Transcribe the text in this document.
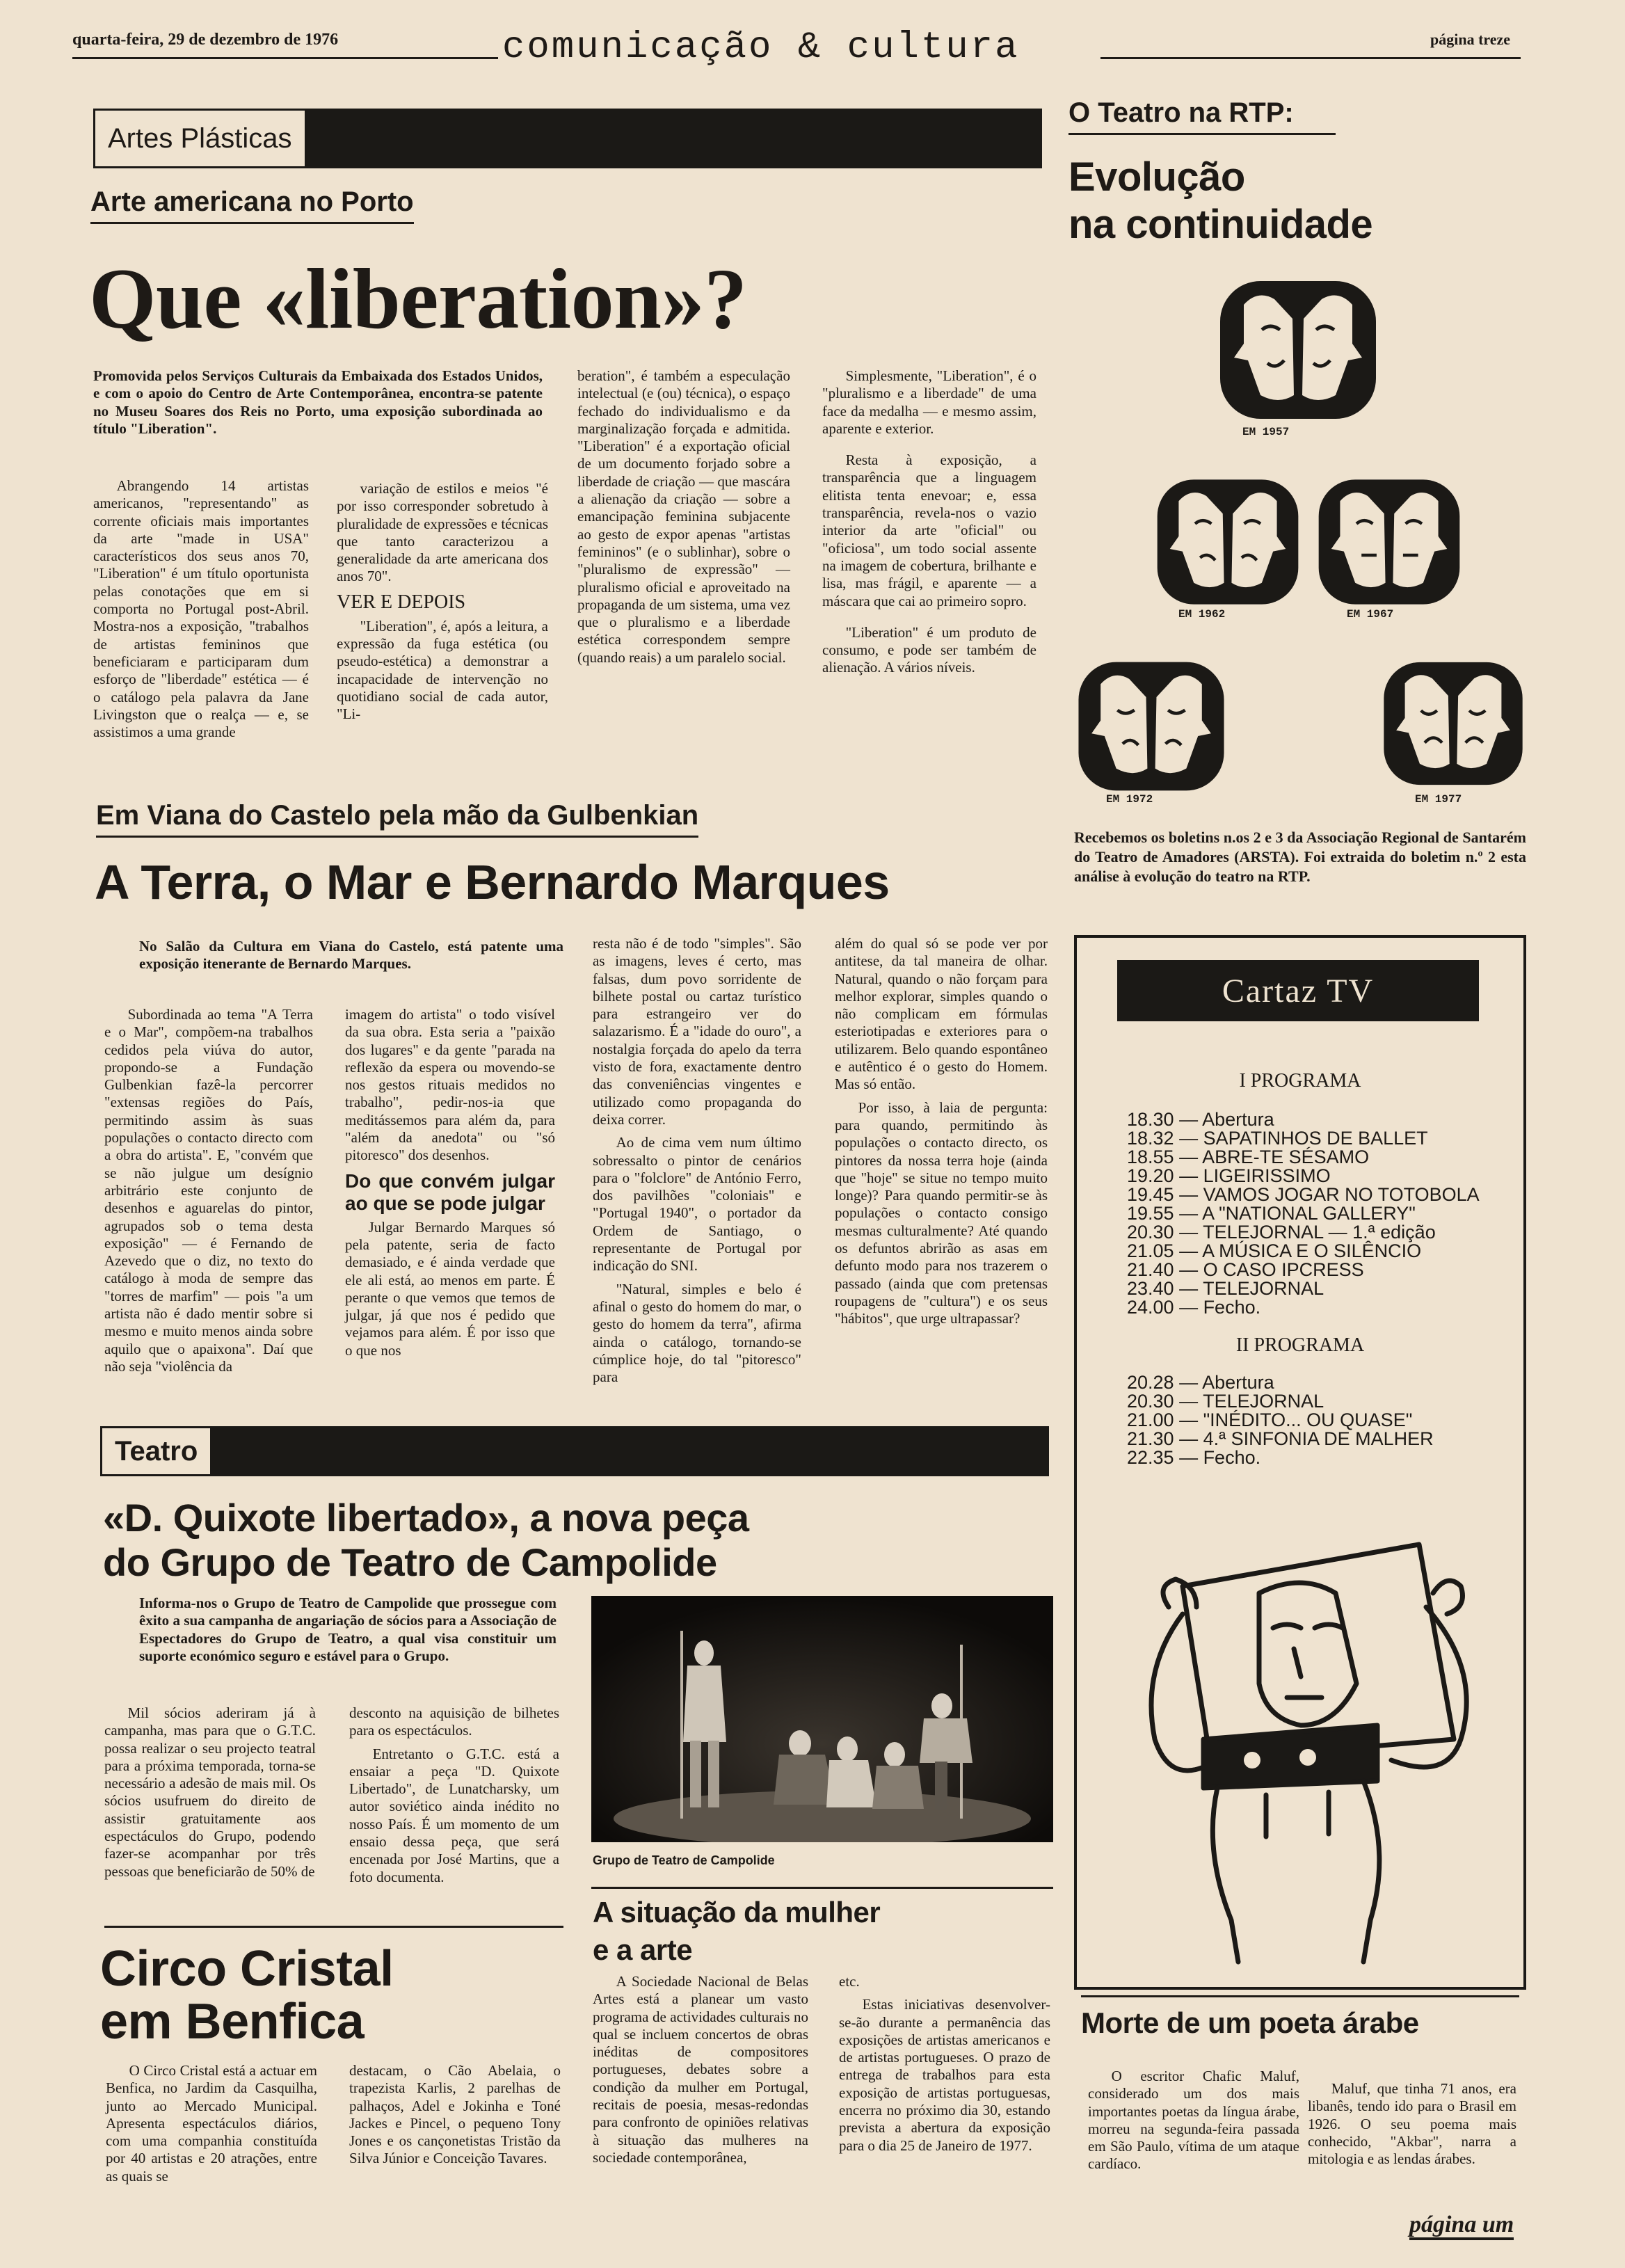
quarta-feira, 29 de dezembro de 1976	comunicação & cultura	página treze
Artes Plásticas
Arte americana no Porto
Que «liberation»?

Promovida pelos Serviços Culturais da Embaixada dos Estados Unidos, e com o apoio do Centro de Arte Contemporânea, encontra-se patente no Museu Soares dos Reis no Porto, uma exposição subordinada ao título "Liberation".

Abrangendo 14 artistas americanos, "representando" as corrente oficiais mais importantes da arte "made in USA" característicos dos seus anos 70, "Liberation" é um título oportunista pelas conotações que em si comporta no Portugal post-Abril. Mostra-nos a exposição, "trabalhos de artistas femininos que beneficiaram e participaram dum esforço de "liberdade" estética — é o catálogo pela palavra da Jane Livingston que o realça — e, se assistimos a uma grande

variação de estilos e meios "é por isso corresponder sobretudo à pluralidade de expressões e técnicas que tanto caracterizou a generalidade da arte americana dos anos 70".

VER E DEPOIS

"Liberation", é, após a leitura, a expressão da fuga estética (ou pseudo-estética) a demonstrar a incapacidade de intervenção no quotidiano social de cada autor, "Li-

beration", é também a especulação intelectual (e (ou) técnica), o espaço fechado do individualismo e da marginalização forçada e admitida. "Liberation" é a exportação oficial de um documento forjado sobre a liberdade de criação — que mascára a alienação da criação — sobre a emancipação feminina subjacente ao gesto de expor apenas "artistas femininos" (e o sublinhar), sobre o "pluralismo de expressão" — pluralismo oficial e aproveitado na propaganda de um sistema, uma vez que o pluralismo e a liberdade estética correspondem sempre (quando reais) a um paralelo social.

Simplesmente, "Liberation", é o "pluralismo e a liberdade" de uma face da medalha — e mesmo assim, aparente e exterior.

Resta à exposição, a transparência que a linguagem elitista tenta enevoar; e, essa transparência, revela-nos o vazio interior da arte "oficial" ou "oficiosa", um todo social assente na imagem de cobertura, brilhante e lisa, mas frágil, e aparente — a máscara que cai ao primeiro sopro.

"Liberation" é um produto de consumo, e pode ser também de alienação. A vários níveis.

O Teatro na RTP:
Evolução
na continuidade
EM 1957
EM 1962	EM 1967
EM 1972	EM 1977
Recebemos os boletins n.os 2 e 3 da Associação Regional de Santarém do Teatro de Amadores (ARSTA). Foi extraida do boletim n.º 2 esta análise à evolução do teatro na RTP.
Em Viana do Castelo pela mão da Gulbenkian
A Terra, o Mar e Bernardo Marques

No Salão da Cultura em Viana do Castelo, está patente uma exposição itenerante de Bernardo Marques.

Subordinada ao tema "A Terra e o Mar", compõem-na trabalhos cedidos pela viúva do autor, propondo-se a Fundação Gulbenkian fazê-la percorrer "extensas regiões do País, permitindo assim às suas populações o contacto directo com a obra do artista". E, "convém que se não julgue um desígnio arbitrário este conjunto de desenhos e aguarelas do pintor, agrupados sob o tema desta exposição" — é Fernando de Azevedo que o diz, no texto do catálogo à moda de sempre das "torres de marfim" — pois "a um artista não é dado mentir sobre si mesmo e muito menos ainda sobre aquilo que o apaixona". Daí que não seja "violência da

imagem do artista" o todo visível da sua obra. Esta seria a "paixão dos lugares" e da gente "parada na reflexão da espera ou movendo-se nos gestos rituais medidos no trabalho", pedir-nos-ia que meditássemos para além da, para "além da anedota" ou "só pitoresco" dos desenhos.

Do que convém julgar ao que se pode julgar

Julgar Bernardo Marques só pela patente, seria de facto demasiado, e é ainda verdade que ele ali está, ao menos em parte. É perante o que vemos que temos de julgar, já que nos é pedido que vejamos para além. É por isso que o que nos

resta não é de todo "simples". São as imagens, leves é certo, mas falsas, dum povo sorridente de bilhete postal ou cartaz turístico para estrangeiro ver do salazarismo. É a "idade do ouro", a nostalgia forçada do apelo da terra visto de fora, exactamente dentro das conveniências vingentes e utilizado como propaganda do deixa correr.

Ao de cima vem num último sobressalto o pintor de cenários para o "folclore" de António Ferro, dos pavilhões "coloniais" e "Portugal 1940", o portador da Ordem de Santiago, o representante de Portugal por indicação do SNI.

"Natural, simples e belo é afinal o gesto do homem do mar, o gesto do homem da terra", afirma ainda o catálogo, tornando-se cúmplice hoje, do tal "pitoresco" para

além do qual só se pode ver por antitese, da tal maneira de olhar. Natural, quando o não forçam para melhor explorar, simples quando o não complicam em fórmulas esteriotipadas e exteriores para o utilizarem. Belo quando espontâneo e autêntico é o gesto do Homem. Mas só então.

Por isso, à laia de pergunta: para quando, permitindo às populações o contacto directo, os pintores da nossa terra hoje (ainda que "hoje" se situe no tempo muito longe)? Para quando permitir-se às populações o contacto consigo mesmas culturalmente? Até quando os defuntos abrirão as asas em defunto modo para nos trazerem o passado (ainda que com pretensas roupagens de "cultura") e os seus "hábitos", que urge ultrapassar?

Teatro
«D. Quixote libertado», a nova peça
do Grupo de Teatro de Campolide

Informa-nos o Grupo de Teatro de Campolide que prossegue com êxito a sua campanha de angariação de sócios para a Associação de Espectadores do Grupo de Teatro, a qual visa constituir um suporte económico seguro e estável para o Grupo.

Mil sócios aderiram já à campanha, mas para que o G.T.C. possa realizar o seu projecto teatral para a próxima temporada, torna-se necessário a adesão de mais mil. Os sócios usufruem do direito de assistir gratuitamente aos espectáculos do Grupo, podendo fazer-se acompanhar por três pessoas que beneficiarão de 50% de

desconto na aquisição de bilhetes para os espectáculos.

Entretanto o G.T.C. está a ensaiar a peça "D. Quixote Libertado", de Lunatcharsky, um autor soviético ainda inédito no nosso País. É um momento de um ensaio dessa peça, que será encenada por José Martins, que a foto documenta.

Grupo de Teatro de Campolide
Circo Cristal
em Benfica

O Circo Cristal está a actuar em Benfica, no Jardim da Casquilha, junto ao Mercado Municipal. Apresenta espectáculos diários, com uma companhia constituída por 40 artistas e 20 atrações, entre as quais se

destacam, o Cão Abelaia, o trapezista Karlis, 2 parelhas de palhaços, Adel e Jokinha e Toné Jackes e Pincel, o pequeno Tony Jones e os cançonetistas Tristão da Silva Júnior e Conceição Tavares.

A situação da mulher
e a arte

A Sociedade Nacional de Belas Artes está a planear um vasto programa de actividades culturais no qual se incluem concertos de obras inéditas de compositores portugueses, debates sobre a condição da mulher em Portugal, recitais de poesia, mesas-redondas para confronto de opiniões relativas à situação das mulheres na sociedade contemporânea,

etc.

Estas iniciativas desenvolver-se-ão durante a permanência das exposições de artistas americanos e de artistas portugueses. O prazo de entrega de trabalhos para esta exposição de artistas portuguesas, encerra no próximo dia 30, estando prevista a abertura da exposição para o dia 25 de Janeiro de 1977.

Cartaz TV
I PROGRAMA
18.30 — Abertura
18.32 — SAPATINHOS DE BALLET
18.55 — ABRE-TE SÉSAMO
19.20 — LIGEIRISSIMO
19.45 — VAMOS JOGAR NO TOTOBOLA
19.55 — A "NATIONAL GALLERY"
20.30 — TELEJORNAL — 1.ª edição
21.05 — A MÚSICA E O SILÊNCIO
21.40 — O CASO IPCRESS
23.40 — TELEJORNAL
24.00 — Fecho.
II PROGRAMA
20.28 — Abertura
20.30 — TELEJORNAL
21.00 — "INÉDITO... OU QUASE"
21.30 — 4.ª SINFONIA DE MALHER
22.35 — Fecho.
Morte de um poeta árabe

O escritor Chafic Maluf, considerado um dos mais importantes poetas da língua árabe, morreu na segunda-feira passada em São Paulo, vítima de um ataque cardíaco.

Maluf, que tinha 71 anos, era libanês, tendo ido para o Brasil em 1926. O seu poema mais conhecido, "Akbar", narra a mitologia e as lendas árabes.

página um
